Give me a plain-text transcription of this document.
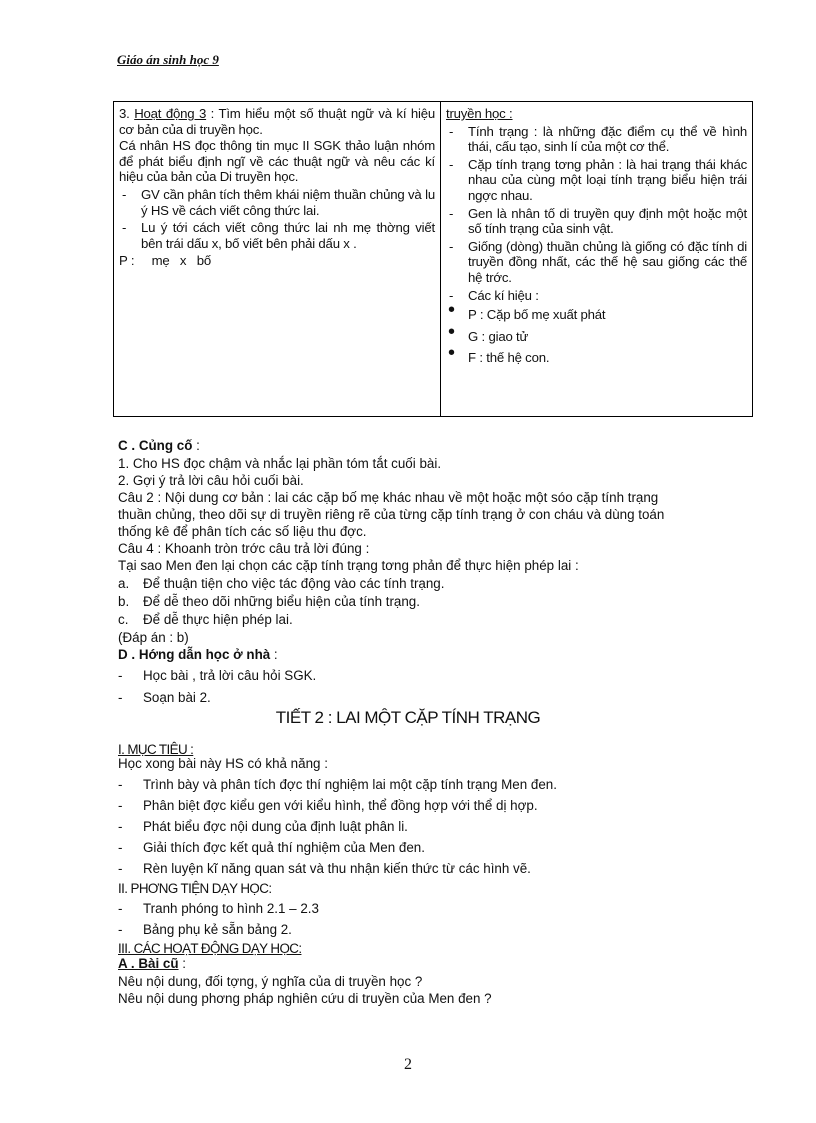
Giáo án sinh học 9
3. Hoạt động 3 : Tìm hiểu một số thuật ngữ và kí hiệu cơ bản của di truyền học.
Cá nhân HS đọc thông tin mục II SGK thảo luận nhóm để phát biểu định ngĩ về các thuật ngữ và nêu các kí hiệu của bản của Di truyền học.
- GV cần phân tích thêm khái niệm thuần chủng và lu ý HS về cách viết công thức lai.
- Lu ý tới cách viết công thức lai nh mẹ thờng viết bên trái dấu x, bố viết bên phải dấu x .
P :     mẹ   x   bố

truyền học :
- Tính trạng : là những đặc điểm cụ thể về hình thái, cấu tạo, sinh lí của một cơ thể.
- Cặp tính trạng tơng phản : là hai trạng thái khác nhau của cùng một loại tính trạng biểu hiện trái ngợc nhau.
- Gen là nhân tố di truyền quy định một hoặc một số tính trạng của sinh vật.
- Giống (dòng) thuần chủng là giống có đặc tính di truyền đồng nhất, các thế hệ sau giống các thế hệ trớc.
- Các kí hiệu :
• P : Cặp bố mẹ xuất phát
• G : giao tử
• F : thế hệ con.
C . Củng cố :
1. Cho HS đọc chậm và nhắc lại phần tóm tắt cuối bài.
2. Gợi ý trả lời câu hỏi cuối bài.
Câu 2 : Nội dung cơ bản : lai các cặp bố mẹ khác nhau về một hoặc một sóo cặp tính trạng
thuần chủng, theo dõi sự di truyền riêng rẽ của từng cặp tính trạng ở con cháu và dùng toán
thống kê để phân tích các số liệu thu đợc.
Câu 4 : Khoanh tròn trớc câu trả lời đúng :
Tại sao Men đen lại chọn các cặp tính trạng tơng phản để thực hiện phép lai :
a. Để thuận tiện cho việc tác động vào các tính trạng.
b. Để dễ theo dõi những biểu hiện của tính trạng.
c. Để dễ thực hiện phép lai.
(Đáp án : b)
D . Hớng dẫn học ở nhà :
- Học bài , trả lời câu hỏi SGK.
- Soạn bài 2.
TIẾT 2 : LAI MỘT CẶP TÍNH TRẠNG
I. MỤC TIÊU :
Học xong bài này HS có khả năng :
- Trình bày và phân tích đợc thí nghiệm lai một cặp tính trạng Men đen.
- Phân biệt đợc kiểu gen với kiểu hình, thể đồng hợp với thể dị hợp.
- Phát biểu đợc nội dung của định luật phân li.
- Giải thích đợc kết quả thí nghiệm của Men đen.
- Rèn luyện kĩ năng quan sát và thu nhận kiến thức từ các hình vẽ.
II. PHƠNG TIỆN DẠY HỌC:
- Tranh phóng to hình 2.1 – 2.3
- Bảng phụ kẻ sẵn bảng 2.
III. CÁC HOẠT ĐỘNG DẠY HỌC:
A . Bài cũ :
Nêu nội dung, đối tợng, ý nghĩa của di truyền học ?
Nêu nội dung phơng pháp nghiên cứu di truyền của Men đen ?
2
